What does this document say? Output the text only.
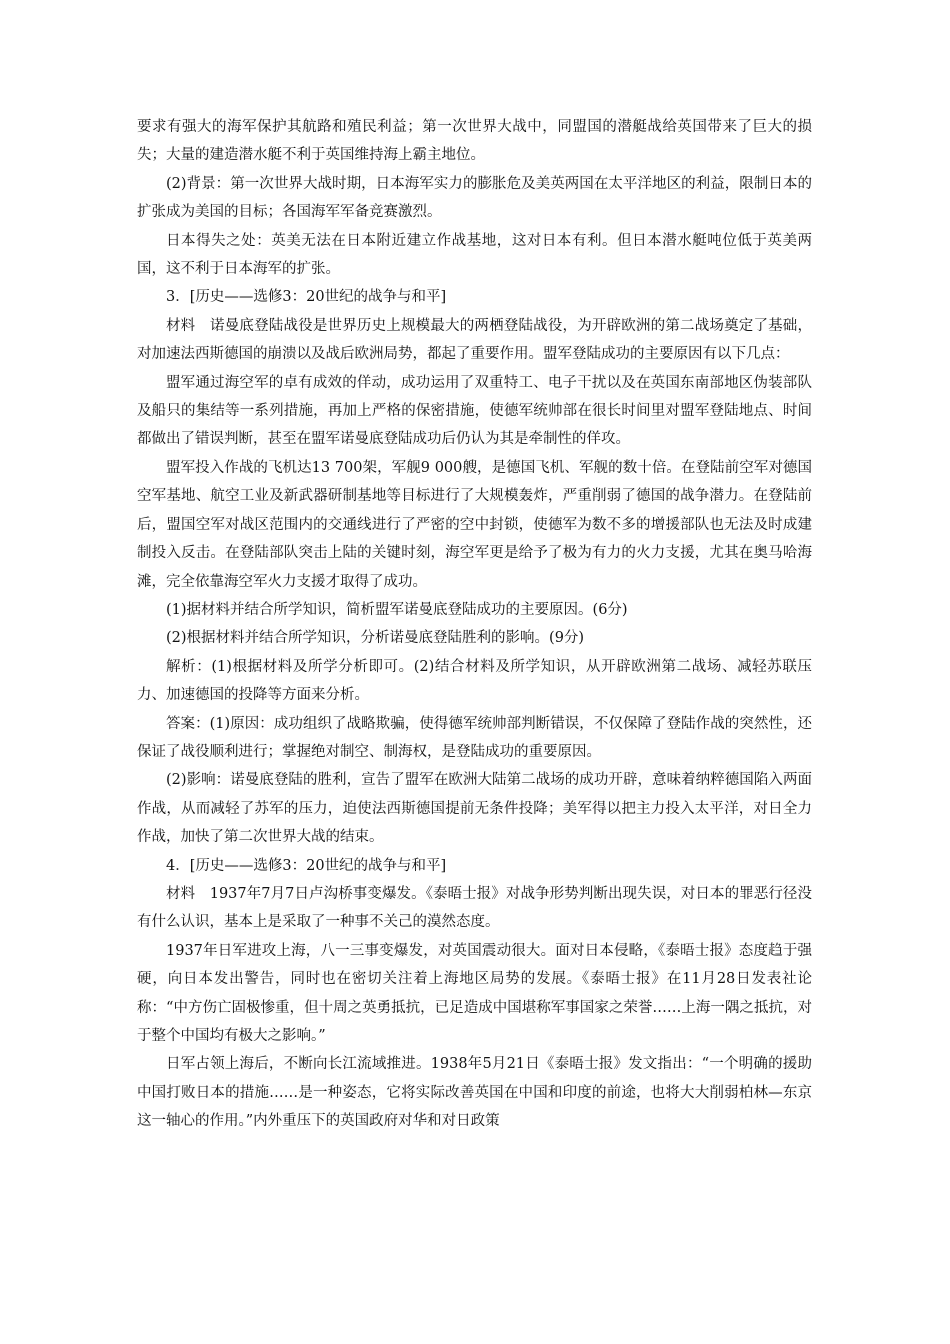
要求有强大的海军保护其航路和殖民利益；第一次世界大战中，同盟国的潜艇战给英国带来了巨大的损失；大量的建造潜水艇不利于英国维持海上霸主地位。

(2)背景：第一次世界大战时期，日本海军实力的膨胀危及美英两国在太平洋地区的利益，限制日本的扩张成为美国的目标；各国海军军备竞赛激烈。

日本得失之处：英美无法在日本附近建立作战基地，这对日本有利。但日本潜水艇吨位低于英美两国，这不利于日本海军的扩张。

3．[历史——选修3：20世纪的战争与和平]

材料　诺曼底登陆战役是世界历史上规模最大的两栖登陆战役，为开辟欧洲的第二战场奠定了基础，对加速法西斯德国的崩溃以及战后欧洲局势，都起了重要作用。盟军登陆成功的主要原因有以下几点：

盟军通过海空军的卓有成效的佯动，成功运用了双重特工、电子干扰以及在英国东南部地区伪装部队及船只的集结等一系列措施，再加上严格的保密措施，使德军统帅部在很长时间里对盟军登陆地点、时间都做出了错误判断，甚至在盟军诺曼底登陆成功后仍认为其是牵制性的佯攻。

盟军投入作战的飞机达13 700架，军舰9 000艘，是德国飞机、军舰的数十倍。在登陆前空军对德国空军基地、航空工业及新武器研制基地等目标进行了大规模轰炸，严重削弱了德国的战争潜力。在登陆前后，盟国空军对战区范围内的交通线进行了严密的空中封锁，使德军为数不多的增援部队也无法及时成建制投入反击。在登陆部队突击上陆的关键时刻，海空军更是给予了极为有力的火力支援，尤其在奥马哈海滩，完全依靠海空军火力支援才取得了成功。

(1)据材料并结合所学知识，简析盟军诺曼底登陆成功的主要原因。(6分)

(2)根据材料并结合所学知识，分析诺曼底登陆胜利的影响。(9分)

解析：(1)根据材料及所学分析即可。(2)结合材料及所学知识，从开辟欧洲第二战场、减轻苏联压力、加速德国的投降等方面来分析。

答案：(1)原因：成功组织了战略欺骗，使得德军统帅部判断错误，不仅保障了登陆作战的突然性，还保证了战役顺利进行；掌握绝对制空、制海权，是登陆成功的重要原因。

(2)影响：诺曼底登陆的胜利，宣告了盟军在欧洲大陆第二战场的成功开辟，意味着纳粹德国陷入两面作战，从而减轻了苏军的压力，迫使法西斯德国提前无条件投降；美军得以把主力投入太平洋，对日全力作战，加快了第二次世界大战的结束。

4．[历史——选修3：20世纪的战争与和平]

材料　1937年7月7日卢沟桥事变爆发。《泰晤士报》对战争形势判断出现失误，对日本的罪恶行径没有什么认识，基本上是采取了一种事不关己的漠然态度。

1937年日军进攻上海，八一三事变爆发，对英国震动很大。面对日本侵略，《泰晤士报》态度趋于强硬，向日本发出警告，同时也在密切关注着上海地区局势的发展。《泰晤士报》在11月28日发表社论称：“中方伤亡固极惨重，但十周之英勇抵抗，已足造成中国堪称军事国家之荣誉……上海一隅之抵抗，对于整个中国均有极大之影响。”

日军占领上海后，不断向长江流域推进。1938年5月21日《泰晤士报》发文指出：“一个明确的援助中国打败日本的措施……是一种姿态，它将实际改善英国在中国和印度的前途，也将大大削弱柏林—东京这一轴心的作用。”内外重压下的英国政府对华和对日政策
